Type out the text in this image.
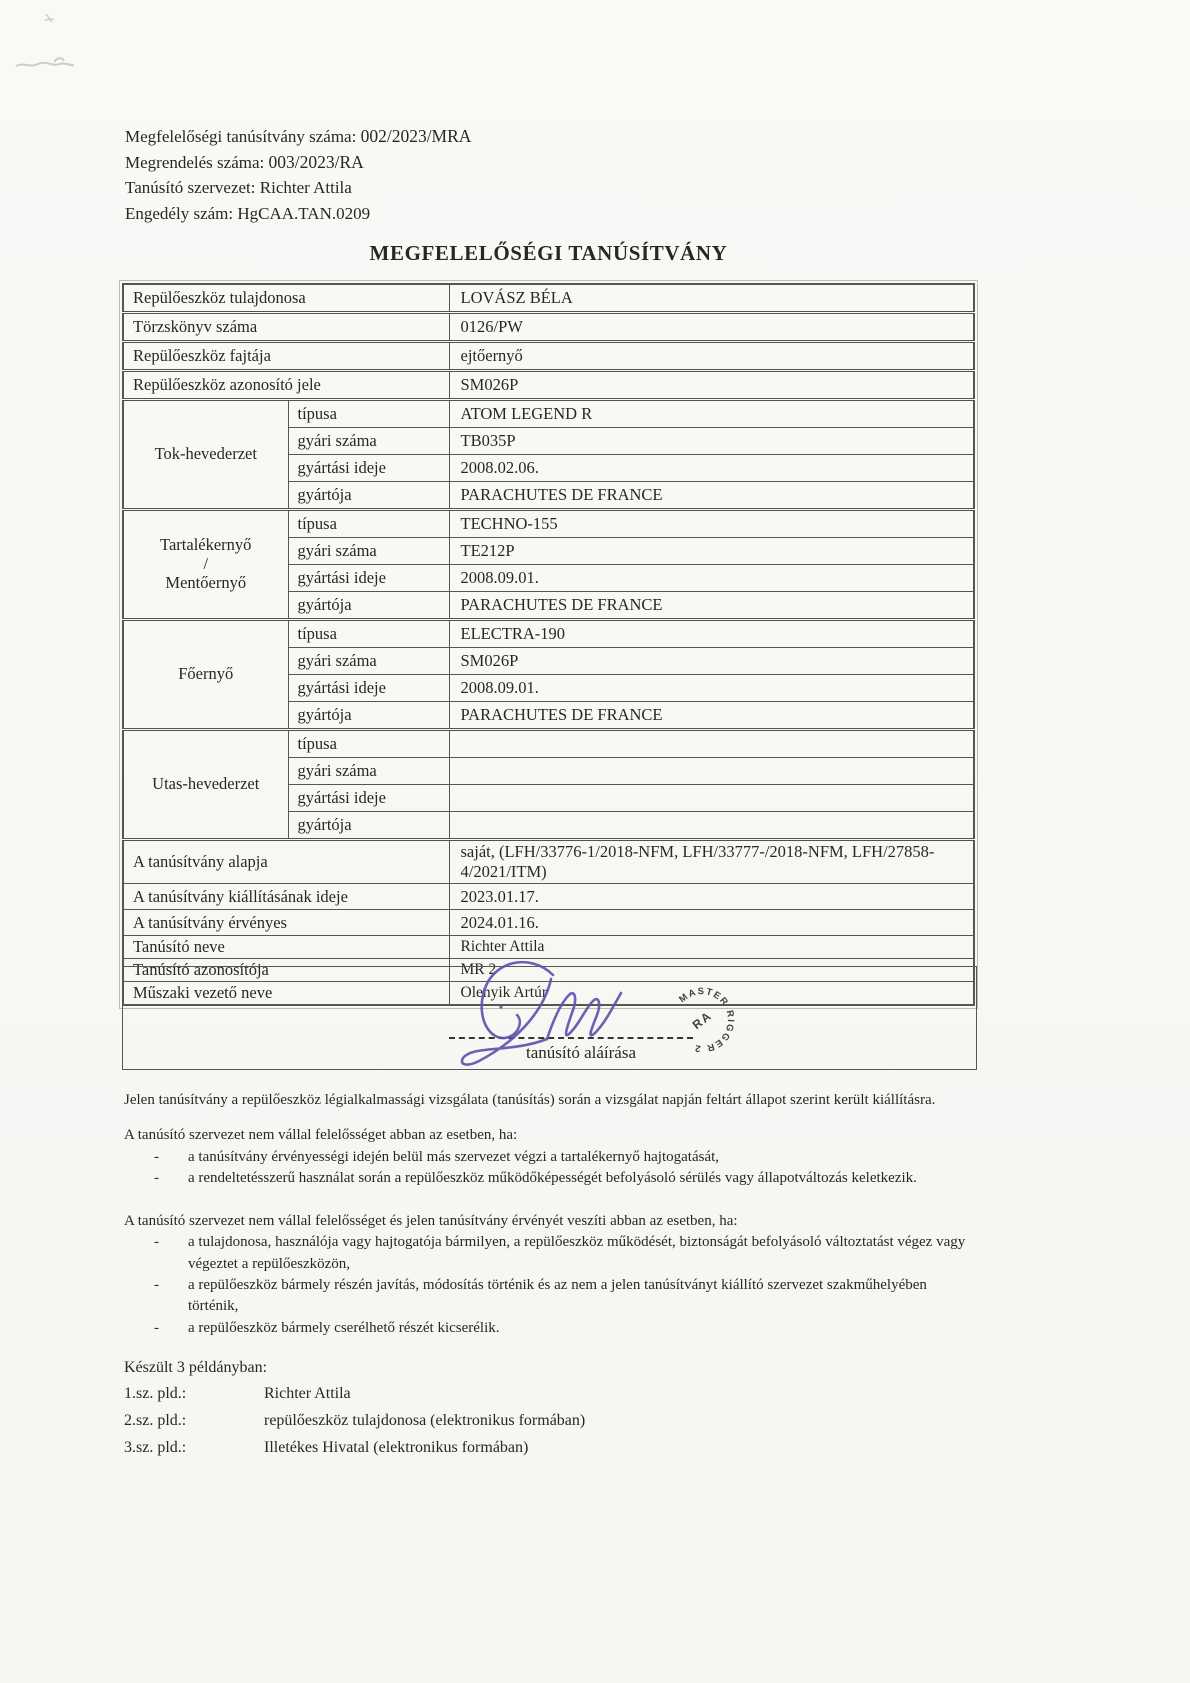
Megfelelőségi tanúsítvány száma: 002/2023/MRA
Megrendelés száma: 003/2023/RA
Tanúsító szervezet: Richter Attila
Engedély szám: HgCAA.TAN.0209
MEGFELELŐSÉGI TANÚSÍTVÁNY
Repülőeszköz tulajdonosa		LOVÁSZ BÉLA
Törzskönyv száma		0126/PW
Repülőeszköz fajtája		ejtőernyő
Repülőeszköz azonosító jele		SM026P

Tok-hevederzet	típusa	ATOM LEGEND R
	gyári száma	TB035P
	gyártási ideje	2008.02.06.
	gyártója	PARACHUTES DE FRANCE

Tartalékernyő
/
Mentőernyő	típusa	TECHNO-155
	gyári száma	TE212P
	gyártási ideje	2008.09.01.
	gyártója	PARACHUTES DE FRANCE

Főernyő	típusa	ELECTRA-190
	gyári száma	SM026P
	gyártási ideje	2008.09.01.
	gyártója	PARACHUTES DE FRANCE

Utas-hevederzet	típusa	
	gyári száma	
	gyártási ideje	
	gyártója	
A tanúsítvány alapja		saját, (LFH/33776-1/2018-NFM, LFH/33777-/2018-NFM, LFH/27858-4/2021/ITM)
A tanúsítvány kiállításának ideje		2023.01.17.
A tanúsítvány érvényes		2024.01.16.
Tanúsító neve		Richter Attila
Tanúsító azonosítója		MR 2
Műszaki vezető neve		Olenyik Artúr
tanúsító aláírása
MASTER RIGGER 2
RA
Jelen tanúsítvány a repülőeszköz légialkalmassági vizsgálata (tanúsítás) során a vizsgálat napján feltárt állapot szerint került kiállításra.
A tanúsító szervezet nem vállal felelősséget abban az esetben, ha:
-	a tanúsítvány érvényességi idején belül más szervezet végzi a tartalékernyő hajtogatását,
-	a rendeltetésszerű használat során a repülőeszköz működőképességét befolyásoló sérülés vagy állapotváltozás keletkezik.
A tanúsító szervezet nem vállal felelősséget és jelen tanúsítvány érvényét veszíti abban az esetben, ha:
-	a tulajdonosa, használója vagy hajtogatója bármilyen, a repülőeszköz működését, biztonságát befolyásoló változtatást végez vagy végeztet a repülőeszközön,
-	a repülőeszköz bármely részén javítás, módosítás történik és az nem a jelen tanúsítványt kiállító szervezet szakműhelyében történik,
-	a repülőeszköz bármely cserélhető részét kicserélik.
Készült 3 példányban:
1.sz. pld.:	Richter Attila
2.sz. pld.:	repülőeszköz tulajdonosa (elektronikus formában)
3.sz. pld.:	Illetékes Hivatal (elektronikus formában)
